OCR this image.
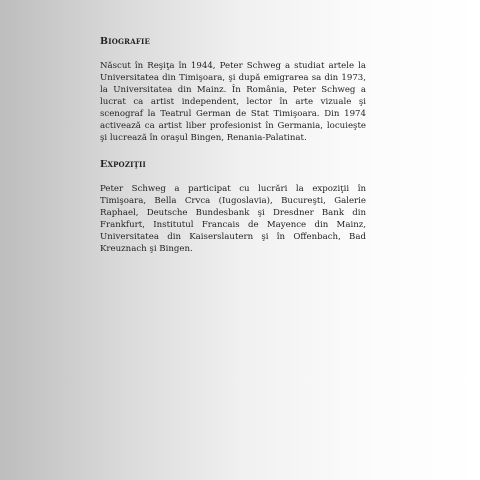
Biografie

Născut în Reşiţa în 1944, Peter Schweg a studiat artele la Universitatea din Timişoara, şi după emigrarea sa din 1973, la Universitatea din Mainz. În România, Peter Schweg a lucrat ca artist independent, lector în arte vizuale şi scenograf la Teatrul German de Stat Timişoara. Din 1974 activează ca artist liber profesionist în Germania, locuieşte şi lucrează în oraşul Bingen, Renania-Palatinat.

Expoziţii

Peter Schweg a participat cu lucrări la expoziţii în Timişoara, Bella Crvca (Iugoslavia), Bucureşti, Galerie Raphael, Deutsche Bundesbank şi Dresdner Bank din Frankfurt, Institutul Francais de Mayence din Mainz, Universitatea din Kaiserslautern şi în Offenbach, Bad Kreuznach şi Bingen.
